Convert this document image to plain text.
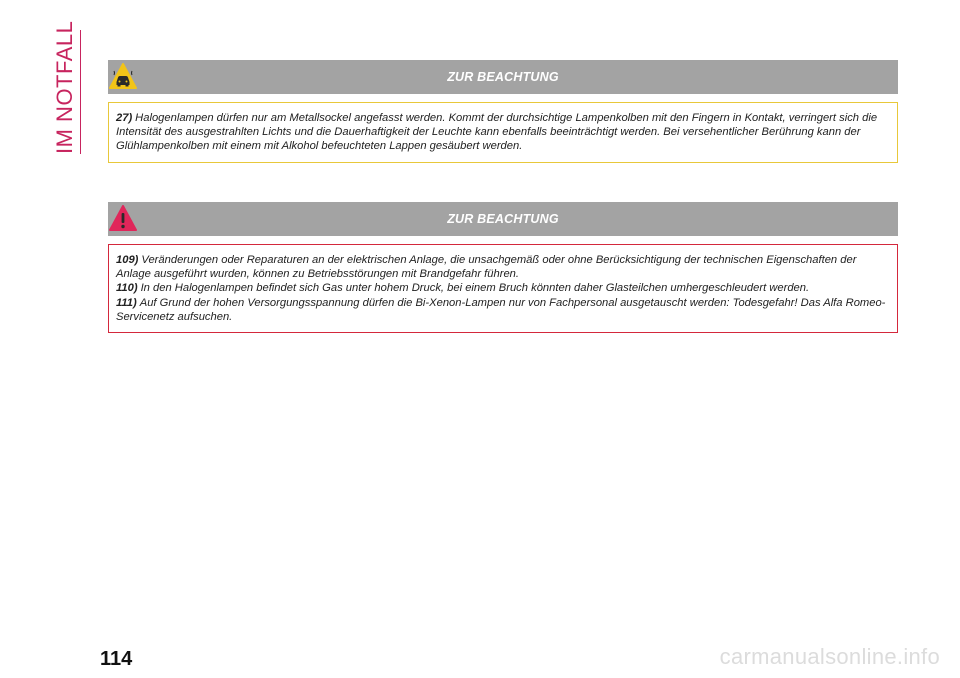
IM NOTFALL	ZUR BEACHTUNG

27) Halogenlampen dürfen nur am Metallsockel angefasst werden. Kommt der durchsichtige Lampenkolben mit den Fingern in Kontakt, verringert sich die Intensität des ausgestrahlten Lichts und die Dauerhaftigkeit der Leuchte kann ebenfalls beeinträchtigt werden. Bei versehentlicher Berührung kann der Glühlampenkolben mit einem mit Alkohol befeuchteten Lappen gesäubert werden.

ZUR BEACHTUNG

109) Veränderungen oder Reparaturen an der elektrischen Anlage, die unsachgemäß oder ohne Berücksichtigung der technischen Eigenschaften der Anlage ausgeführt wurden, können zu Betriebsstörungen mit Brandgefahr führen.

110) In den Halogenlampen befindet sich Gas unter hohem Druck, bei einem Bruch könnten daher Glasteilchen umhergeschleudert werden.

111) Auf Grund der hohen Versorgungsspannung dürfen die Bi-Xenon-Lampen nur von Fachpersonal ausgetauscht werden: Todesgefahr! Das Alfa Romeo-Servicenetz aufsuchen.

114	carmanualsonline.info
